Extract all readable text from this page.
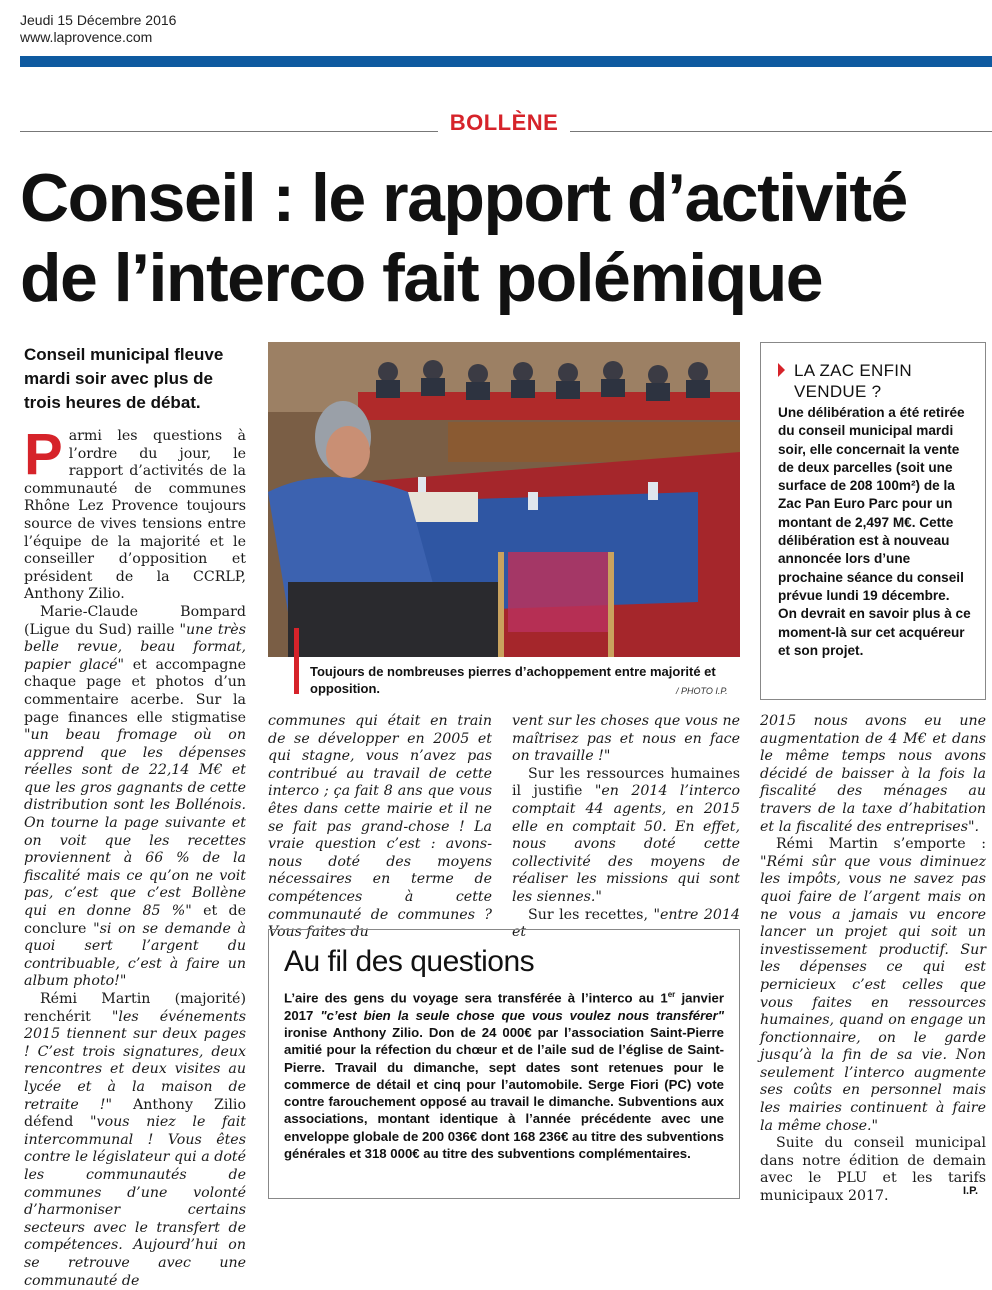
Jeudi 15 Décembre 2016
www.laprovence.com
BOLLÈNE
Conseil : le rapport d’activité
de l’interco fait polémique
Conseil municipal fleuve mardi soir avec plus de trois heures de débat.

Parmi les questions à l’ordre du jour, le rapport d’activités de la communauté de communes Rhône Lez Provence toujours source de vives tensions entre l’équipe de la majorité et le conseiller d’opposition et président de la CCRLP, Anthony Zilio.

Marie-Claude Bompard (Ligue du Sud) raille "une très belle revue, beau format, papier glacé" et accompagne chaque page et photos d’un commentaire acerbe. Sur la page finances elle stigmatise "un beau fromage où on apprend que les dépenses réelles sont de 22,14 M€ et que les gros gagnants de cette distribution sont les Bollénois. On tourne la page suivante et on voit que les recettes proviennent à 66 % de la fiscalité mais ce qu’on ne voit pas, c’est que c’est Bollène qui en donne 85 %" et de conclure "si on se demande à quoi sert l’argent du contribuable, c’est à faire un album photo!"

Rémi Martin (majorité) renchérit "les événements 2015 tiennent sur deux pages ! C’est trois signatures, deux rencontres et deux visites au lycée et à la maison de retraite !" Anthony Zilio défend "vous niez le fait intercommunal ! Vous êtes contre le législateur qui a doté les communautés de communes d’une volonté d’harmoniser certains secteurs avec le transfert de compétences. Aujourd’hui on se retrouve avec une communauté de

Toujours de nombreuses pierres d’achoppement entre majorité et opposition.	/ PHOTO I.P.
LA ZAC ENFIN VENDUE ?

Une délibération a été retirée du conseil municipal mardi soir, elle concernait la vente de deux parcelles (soit une surface de 208 100m²) de la Zac Pan Euro Parc pour un montant de 2,497 M€. Cette délibération est à nouveau annoncée lors d’une prochaine séance du conseil prévue lundi 19 décembre.

On devrait en savoir plus à ce moment-là sur cet acquéreur et son projet.

communes qui était en train de se développer en 2005 et qui stagne, vous n’avez pas contribué au travail de cette interco ; ça fait 8 ans que vous êtes dans cette mairie et il ne se fait pas grand-chose ! La vraie question c’est : avons-nous doté des moyens nécessaires en terme de compétences à cette communauté de communes ? Vous faites du

vent sur les choses que vous ne maîtrisez pas et nous en face on travaille !"

Sur les ressources humaines il justifie "en 2014 l’interco comptait 44 agents, en 2015 elle en comptait 50. En effet, nous avons doté cette collectivité des moyens de réaliser les missions qui sont les siennes."

Sur les recettes, "entre 2014 et

2015 nous avons eu une augmentation de 4 M€ et dans le même temps nous avons décidé de baisser à la fois la fiscalité des ménages au travers de la taxe d’habitation et la fiscalité des entreprises".

Rémi Martin s’emporte : "Rémi sûr que vous diminuez les impôts, vous ne savez pas quoi faire de l’argent mais on ne vous a jamais vu encore lancer un projet qui soit un investissement productif. Sur les dépenses ce qui est pernicieux c’est celles que vous faites en ressources humaines, quand on engage un fonctionnaire, on le garde jusqu’à la fin de sa vie. Non seulement l’interco augmente ses coûts en personnel mais les mairies continuent à faire la même chose."

Suite du conseil municipal dans notre édition de demain avec le PLU et les tarifs municipaux 2017.	I.P.
Au fil des questions
L’aire des gens du voyage sera transférée à l’interco au 1er janvier 2017 "c’est bien la seule chose que vous voulez nous transférer" ironise Anthony Zilio. Don de 24 000€ par l’association Saint-Pierre amitié pour la réfection du chœur et de l’aile sud de l’église de Saint-Pierre. Travail du dimanche, sept dates sont retenues pour le commerce de détail et cinq pour l’automobile. Serge Fiori (PC) vote contre farouchement opposé au travail le dimanche. Subventions aux associations, montant identique à l’année précédente avec une enveloppe globale de 200 036€ dont 168 236€ au titre des subventions générales et 318 000€ au titre des subventions complémentaires.
